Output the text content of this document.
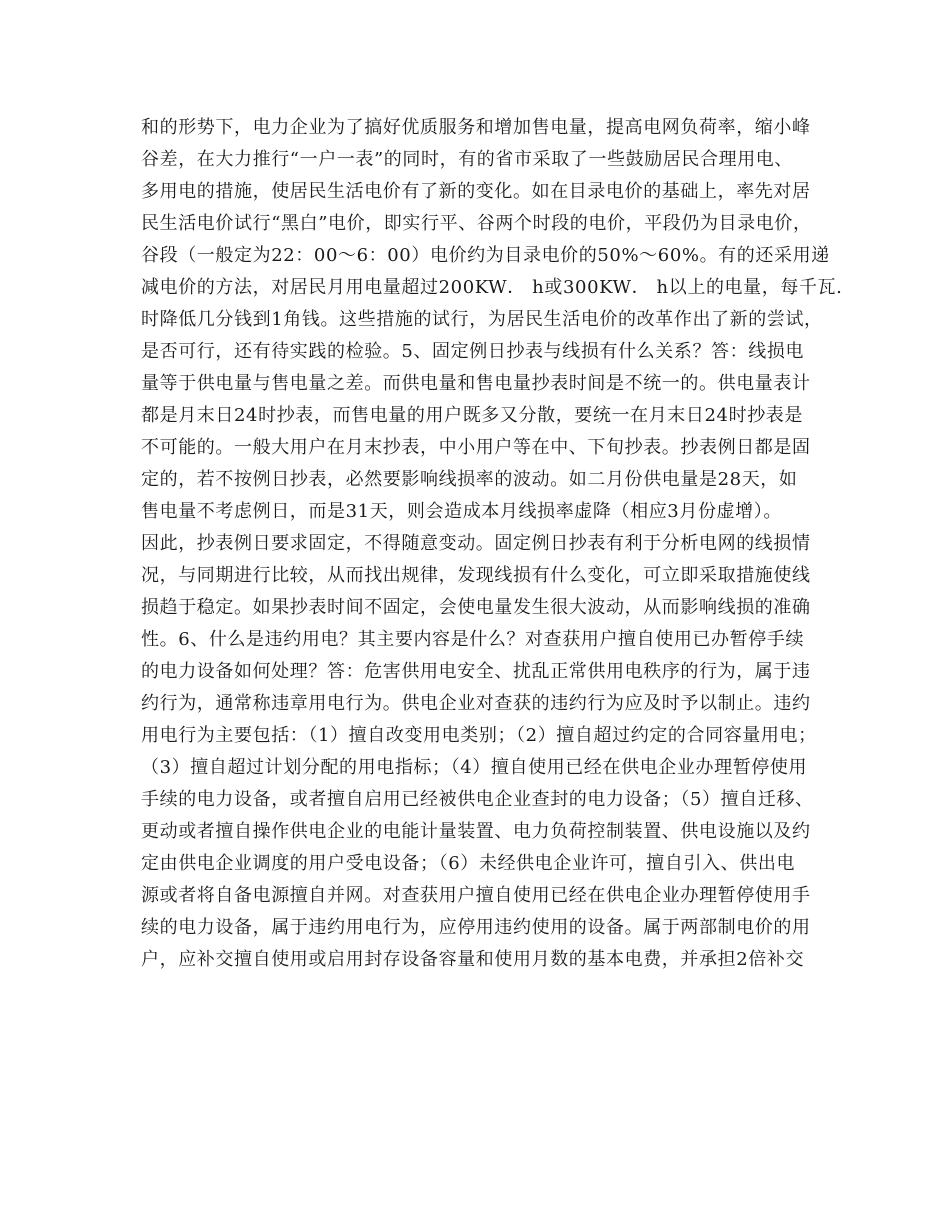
和的形势下，电力企业为了搞好优质服务和增加售电量，提高电网负荷率，缩小峰
谷差，在大力推行“一户一表”的同时，有的省市采取了一些鼓励居民合理用电、
多用电的措施，使居民生活电价有了新的变化。如在目录电价的基础上，率先对居
民生活电价试行“黑白”电价，即实行平、谷两个时段的电价，平段仍为目录电价，
谷段（一般定为22：00～6：00）电价约为目录电价的50%～60%。有的还采用递
减电价的方法，对居民月用电量超过200KW． h或300KW． h以上的电量，每千瓦.
时降低几分钱到1角钱。这些措施的试行，为居民生活电价的改革作出了新的尝试，
是否可行，还有待实践的检验。5、固定例日抄表与线损有什么关系？答：线损电
量等于供电量与售电量之差。而供电量和售电量抄表时间是不统一的。供电量表计
都是月末日24时抄表，而售电量的用户既多又分散，要统一在月末日24时抄表是
不可能的。一般大用户在月末抄表，中小用户等在中、下旬抄表。抄表例日都是固
定的，若不按例日抄表，必然要影响线损率的波动。如二月份供电量是28天，如
售电量不考虑例日，而是31天，则会造成本月线损率虚降（相应3月份虚增）。
因此，抄表例日要求固定，不得随意变动。固定例日抄表有利于分析电网的线损情
况，与同期进行比较，从而找出规律，发现线损有什么变化，可立即采取措施使线
损趋于稳定。如果抄表时间不固定，会使电量发生很大波动，从而影响线损的准确
性。6、什么是违约用电？其主要内容是什么？对查获用户擅自使用已办暂停手续
的电力设备如何处理？答：危害供用电安全、扰乱正常供用电秩序的行为，属于违
约行为，通常称违章用电行为。供电企业对查获的违约行为应及时予以制止。违约
用电行为主要包括：（1）擅自改变用电类别；（2）擅自超过约定的合同容量用电；
（3）擅自超过计划分配的用电指标；（4）擅自使用已经在供电企业办理暂停使用
手续的电力设备，或者擅自启用已经被供电企业查封的电力设备；（5）擅自迁移、
更动或者擅自操作供电企业的电能计量装置、电力负荷控制装置、供电设施以及约
定由供电企业调度的用户受电设备；（6）未经供电企业许可，擅自引入、供出电
源或者将自备电源擅自并网。对查获用户擅自使用已经在供电企业办理暂停使用手
续的电力设备，属于违约用电行为，应停用违约使用的设备。属于两部制电价的用
户，应补交擅自使用或启用封存设备容量和使用月数的基本电费，并承担2倍补交
